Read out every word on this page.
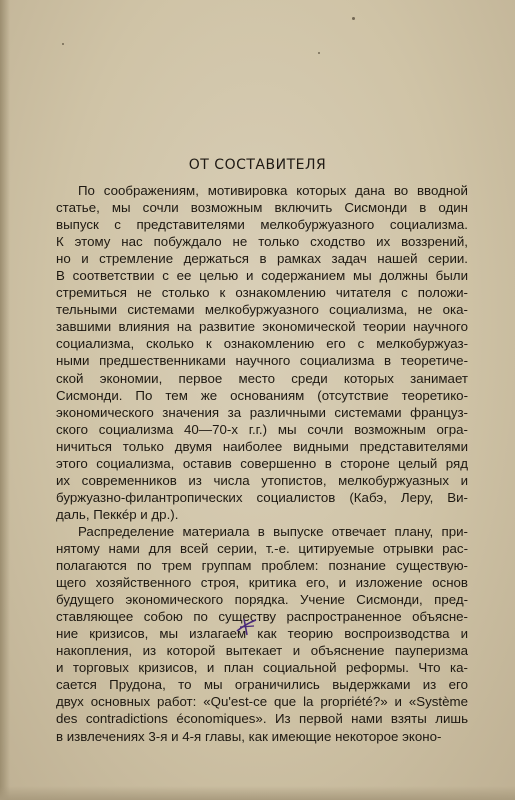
ОТ СОСТАВИТЕЛЯ
По соображениям, мотивировка которых дана во вводной
статье, мы сочли возможным включить Сисмонди в один
выпуск с представителями мелкобуржуазного социализма.
К этому нас побуждало не только сходство их воззрений,
но и стремление держаться в рамках задач нашей серии.
В соответствии с ее целью и содержанием мы должны были
стремиться не столько к ознакомлению читателя с положи-
тельными системами мелкобуржуазного социализма, не ока-
завшими влияния на развитие экономической теории научного
социализма, сколько к ознакомлению его с мелкобуржуаз-
ными предшественниками научного социализма в теоретиче-
ской экономии, первое место среди которых занимает
Сисмонди. По тем же основаниям (отсутствие теоретико-
экономического значения за различными системами француз-
ского социализма 40—70-х г.г.) мы сочли возможным огра-
ничиться только двумя наиболее видными представителями
этого социализма, оставив совершенно в стороне целый ряд
их современников из числа утопистов, мелкобуржуазных и
буржуазно-филантропических социалистов (Кабэ, Леру, Ви-
даль, Пеккéр и др.).
Распределение материала в выпуске отвечает плану, при-
нятому нами для всей серии, т.-е. цитируемые отрывки рас-
полагаются по трем группам проблем: познание существую-
щего хозяйственного строя, критика его, и изложение основ
будущего экономического порядка. Учение Сисмонди, пред-
ставляющее собою по существу распространенное объясне-
ние кризисов, мы излагаем как теорию воспроизводства и
накопления, из которой вытекает и объяснение пауперизма
и торговых кризисов, и план социальной реформы. Что ка-
сается Прудона, то мы ограничились выдержками из его
двух основных работ: «Qu'est-ce que la propriété?» и «Système
des contradictions économiques». Из первой нами взяты лишь
в извлечениях 3-я и 4-я главы, как имеющие некоторое эконо-
